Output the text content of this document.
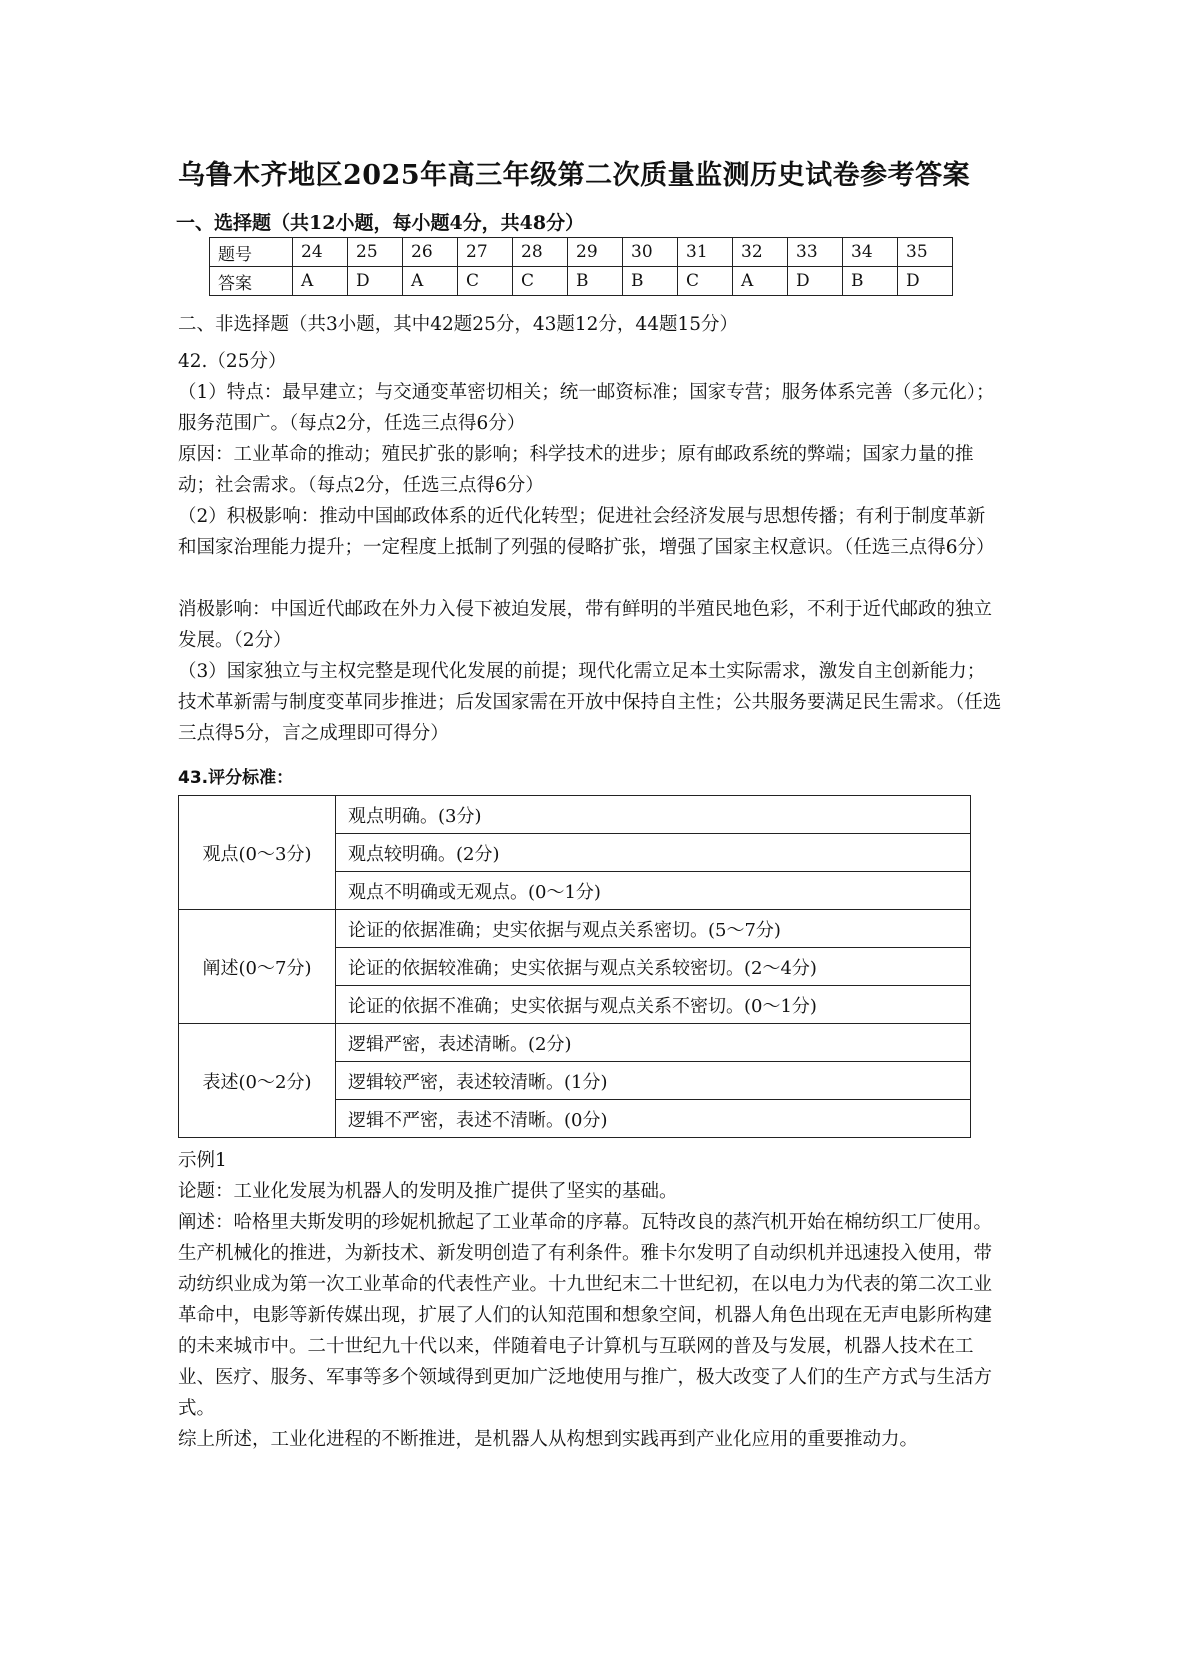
乌鲁木齐地区2025年高三年级第二次质量监测历史试卷参考答案
一、选择题（共12小题，每小题4分，共48分）
题号	24	25	26	27	28	29	30	31	32	33	34	35
答案	A	D	A	C	C	B	B	C	A	D	B	D
二、非选择题（共3小题，其中42题25分，43题12分，44题15分）
42.（25分）
（1）特点：最早建立；与交通变革密切相关；统一邮资标准；国家专营；服务体系完善（多元化）；服务范围广。（每点2分，任选三点得6分）
原因：工业革命的推动；殖民扩张的影响；科学技术的进步；原有邮政系统的弊端；国家力量的推动；社会需求。（每点2分，任选三点得6分）
（2）积极影响：推动中国邮政体系的近代化转型；促进社会经济发展与思想传播；有利于制度革新和国家治理能力提升；一定程度上抵制了列强的侵略扩张，增强了国家主权意识。（任选三点得6分）
消极影响：中国近代邮政在外力入侵下被迫发展，带有鲜明的半殖民地色彩，不利于近代邮政的独立发展。（2分）
（3）国家独立与主权完整是现代化发展的前提；现代化需立足本土实际需求，激发自主创新能力；技术革新需与制度变革同步推进；后发国家需在开放中保持自主性；公共服务要满足民生需求。（任选三点得5分，言之成理即可得分）
43.评分标准：
观点(0～3分)	观点明确。(3分)
	观点较明确。(2分)
	观点不明确或无观点。(0～1分)
阐述(0～7分)	论证的依据准确；史实依据与观点关系密切。(5～7分)
	论证的依据较准确；史实依据与观点关系较密切。(2～4分)
	论证的依据不准确；史实依据与观点关系不密切。(0～1分)
表述(0～2分)	逻辑严密，表述清晰。(2分)
	逻辑较严密，表述较清晰。(1分)
	逻辑不严密，表述不清晰。(0分)
示例1
论题：工业化发展为机器人的发明及推广提供了坚实的基础。
阐述：哈格里夫斯发明的珍妮机掀起了工业革命的序幕。瓦特改良的蒸汽机开始在棉纺织工厂使用。生产机械化的推进，为新技术、新发明创造了有利条件。雅卡尔发明了自动织机并迅速投入使用，带动纺织业成为第一次工业革命的代表性产业。十九世纪末二十世纪初，在以电力为代表的第二次工业革命中，电影等新传媒出现，扩展了人们的认知范围和想象空间，机器人角色出现在无声电影所构建的未来城市中。二十世纪九十代以来，伴随着电子计算机与互联网的普及与发展，机器人技术在工业、医疗、服务、军事等多个领域得到更加广泛地使用与推广，极大改变了人们的生产方式与生活方式。
综上所述，工业化进程的不断推进，是机器人从构想到实践再到产业化应用的重要推动力。
